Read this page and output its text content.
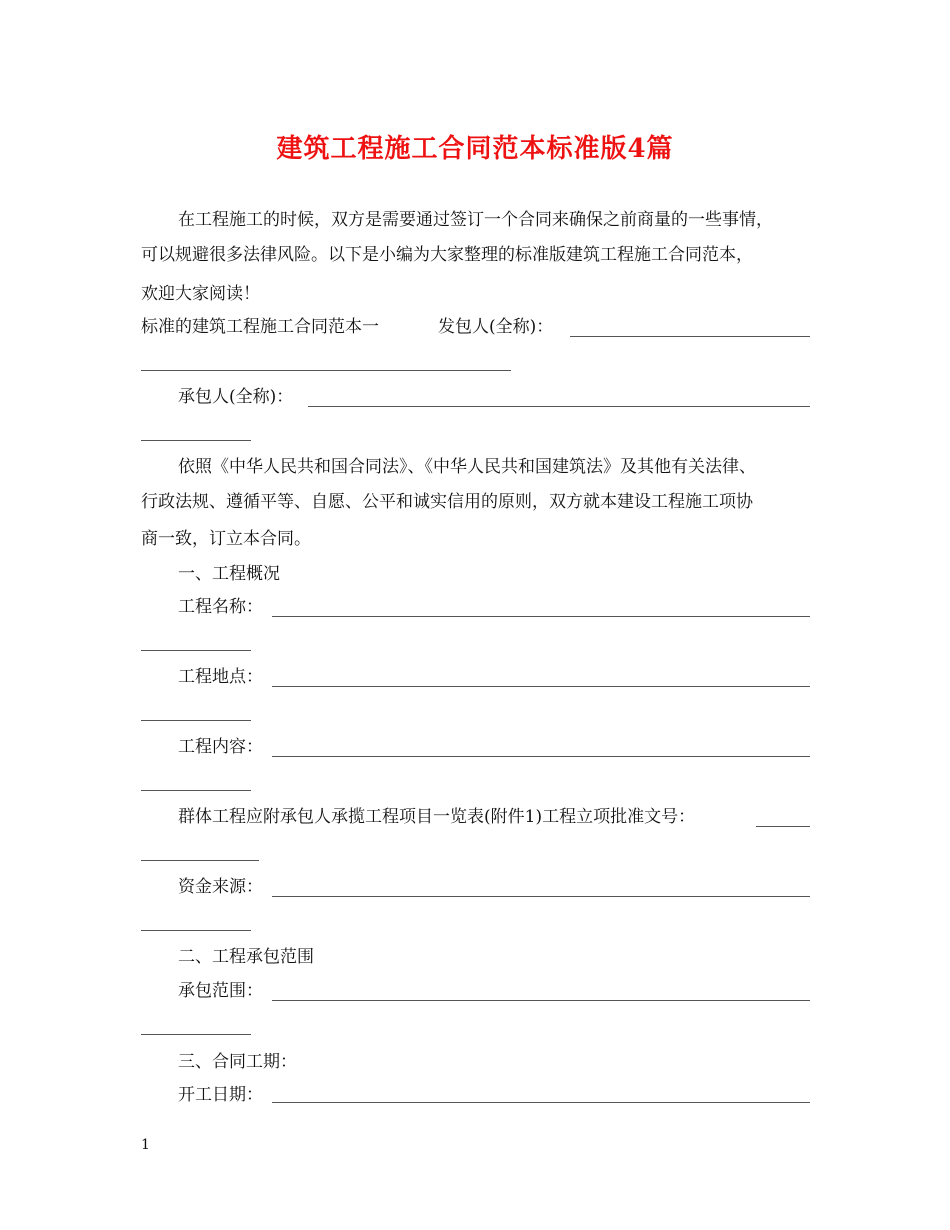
建筑工程施工合同范本标准版4篇
在工程施工的时候，双方是需要通过签订一个合同来确保之前商量的一些事情，
可以规避很多法律风险。以下是小编为大家整理的标准版建筑工程施工合同范本，
欢迎大家阅读！
标准的建筑工程施工合同范本一	发包人(全称)：
承包人(全称)：
依照《中华人民共和国合同法》、《中华人民共和国建筑法》及其他有关法律、
行政法规、遵循平等、自愿、公平和诚实信用的原则，双方就本建设工程施工项协
商一致，订立本合同。
一、工程概况
工程名称：
工程地点：
工程内容：
群体工程应附承包人承揽工程项目一览表(附件1)工程立项批准文号：
资金来源：
二、工程承包范围
承包范围：
三、合同工期：
开工日期：
1
